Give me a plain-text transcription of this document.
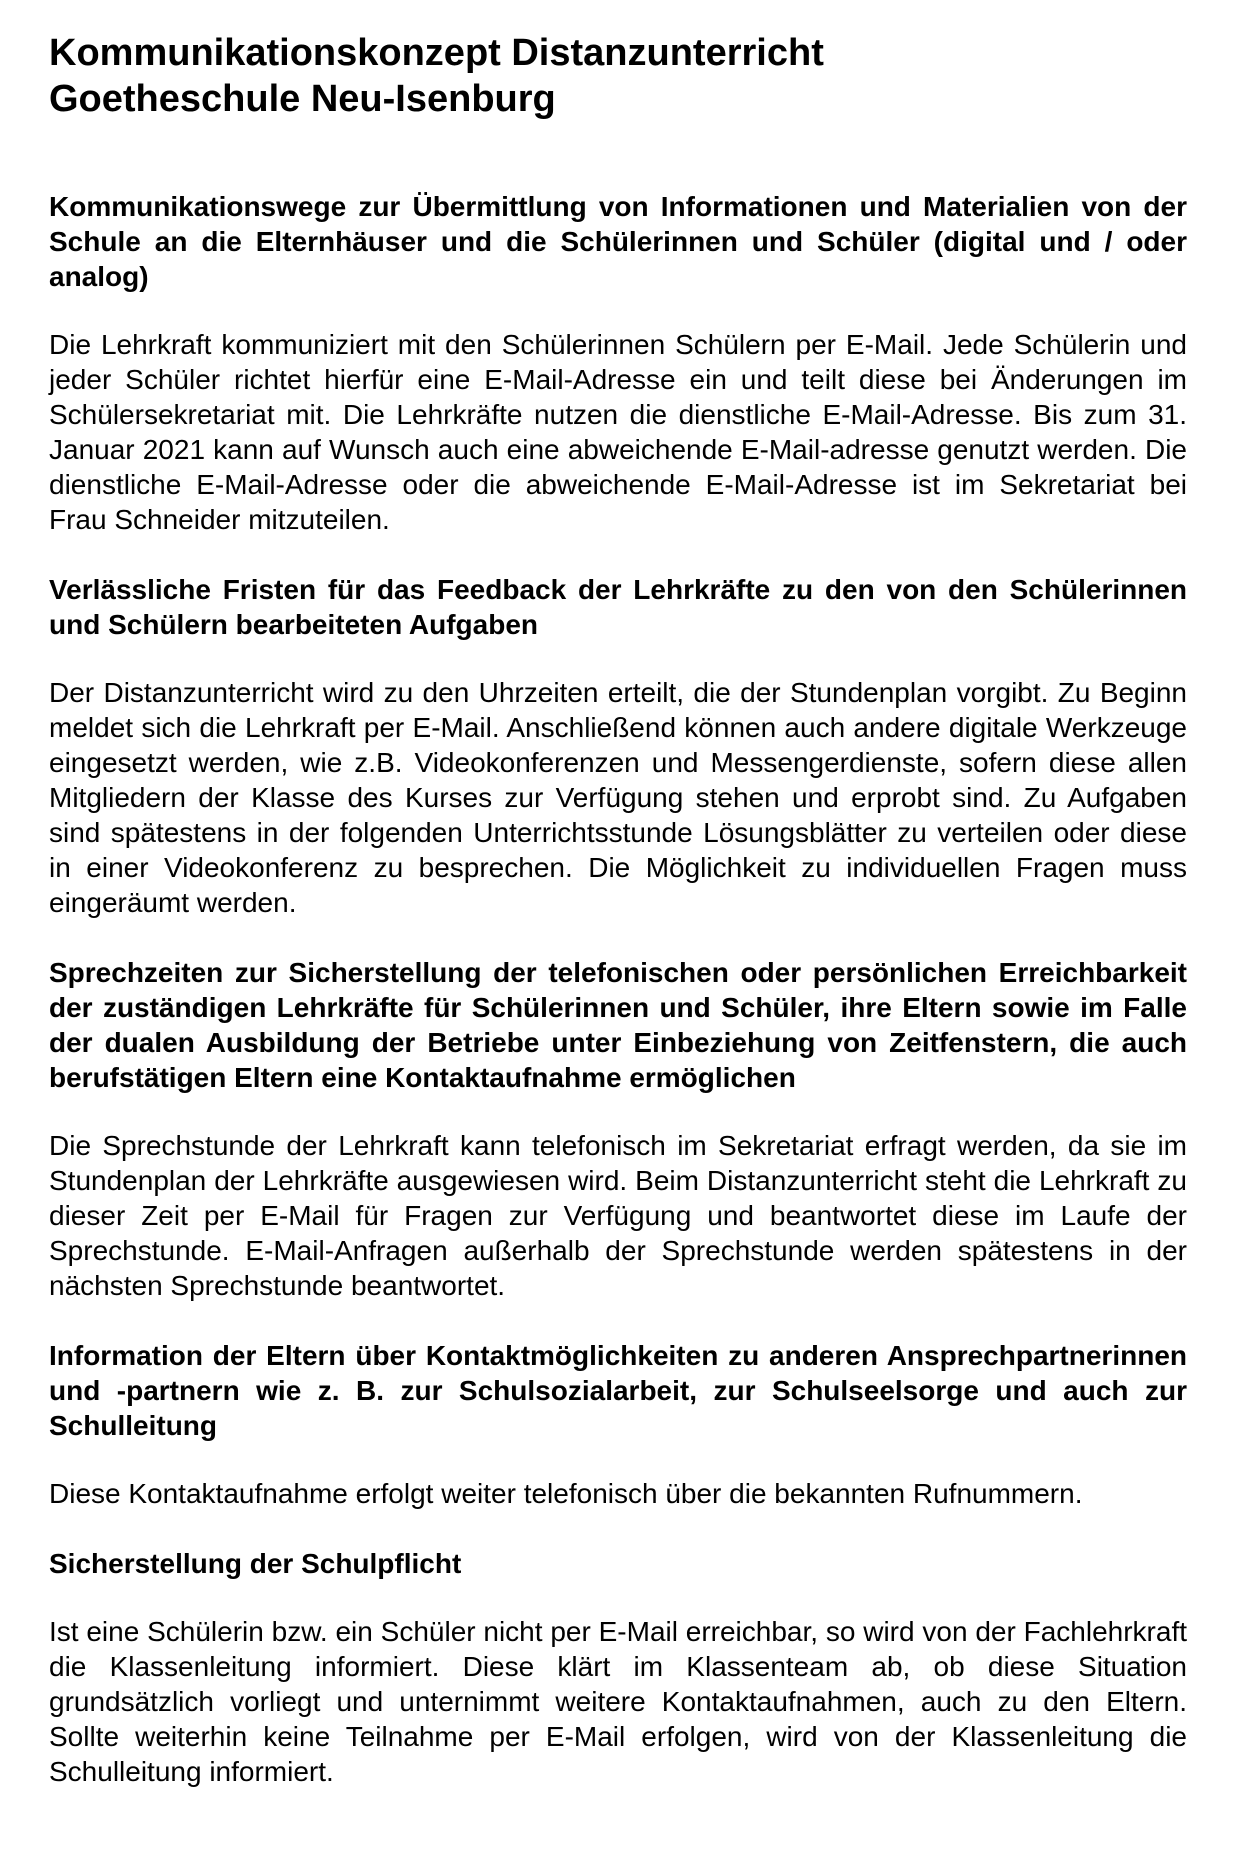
Kommunikationskonzept Distanzunterricht
Goetheschule Neu-Isenburg

Kommunikationswege zur Übermittlung von Informationen und Materialien von der Schule an die Elternhäuser und die Schülerinnen und Schüler (digital und / oder analog)

Die Lehrkraft kommuniziert mit den Schülerinnen Schülern per E-Mail. Jede Schülerin und jeder Schüler richtet hierfür eine E-Mail-Adresse ein und teilt diese bei Änderungen im Schülersekretariat mit. Die Lehrkräfte nutzen die dienstliche E-Mail-Adresse. Bis zum 31. Januar 2021 kann auf Wunsch auch eine abweichende E-Mail-adresse genutzt werden. Die dienstliche E-Mail-Adresse oder die abweichende E-Mail-Adresse ist im Sekretariat bei Frau Schneider mitzuteilen.

Verlässliche Fristen für das Feedback der Lehrkräfte zu den von den Schülerinnen und Schülern bearbeiteten Aufgaben

Der Distanzunterricht wird zu den Uhrzeiten erteilt, die der Stundenplan vorgibt. Zu Beginn meldet sich die Lehrkraft per E-Mail. Anschließend können auch andere digitale Werkzeuge eingesetzt werden, wie z.B. Videokonferenzen und Messengerdienste, sofern diese allen Mitgliedern der Klasse des Kurses zur Verfügung stehen und erprobt sind. Zu Aufgaben sind spätestens in der folgenden Unterrichtsstunde Lösungsblätter zu verteilen oder diese in einer Videokonferenz zu besprechen. Die Möglichkeit zu individuellen Fragen muss eingeräumt werden.

Sprechzeiten zur Sicherstellung der telefonischen oder persönlichen Erreichbarkeit der zuständigen Lehrkräfte für Schülerinnen und Schüler, ihre Eltern sowie im Falle der dualen Ausbildung der Betriebe unter Einbeziehung von Zeitfenstern, die auch berufstätigen Eltern eine Kontaktaufnahme ermöglichen

Die Sprechstunde der Lehrkraft kann telefonisch im Sekretariat erfragt werden, da sie im Stundenplan der Lehrkräfte ausgewiesen wird. Beim Distanzunterricht steht die Lehrkraft zu dieser Zeit per E-Mail für Fragen zur Verfügung und beantwortet diese im Laufe der Sprechstunde. E-Mail-Anfragen außerhalb der Sprechstunde werden spätestens in der nächsten Sprechstunde beantwortet.

Information der Eltern über Kontaktmöglichkeiten zu anderen Ansprechpartnerinnen und -partnern wie z. B. zur Schulsozialarbeit, zur Schulseelsorge und auch zur Schulleitung

Diese Kontaktaufnahme erfolgt weiter telefonisch über die bekannten Rufnummern.

Sicherstellung der Schulpflicht

Ist eine Schülerin bzw. ein Schüler nicht per E-Mail erreichbar, so wird von der Fachlehrkraft die Klassenleitung informiert. Diese klärt im Klassenteam ab, ob diese Situation grundsätzlich vorliegt und unternimmt weitere Kontaktaufnahmen, auch zu den Eltern. Sollte weiterhin keine Teilnahme per E-Mail erfolgen, wird von der Klassenleitung die Schulleitung informiert.
